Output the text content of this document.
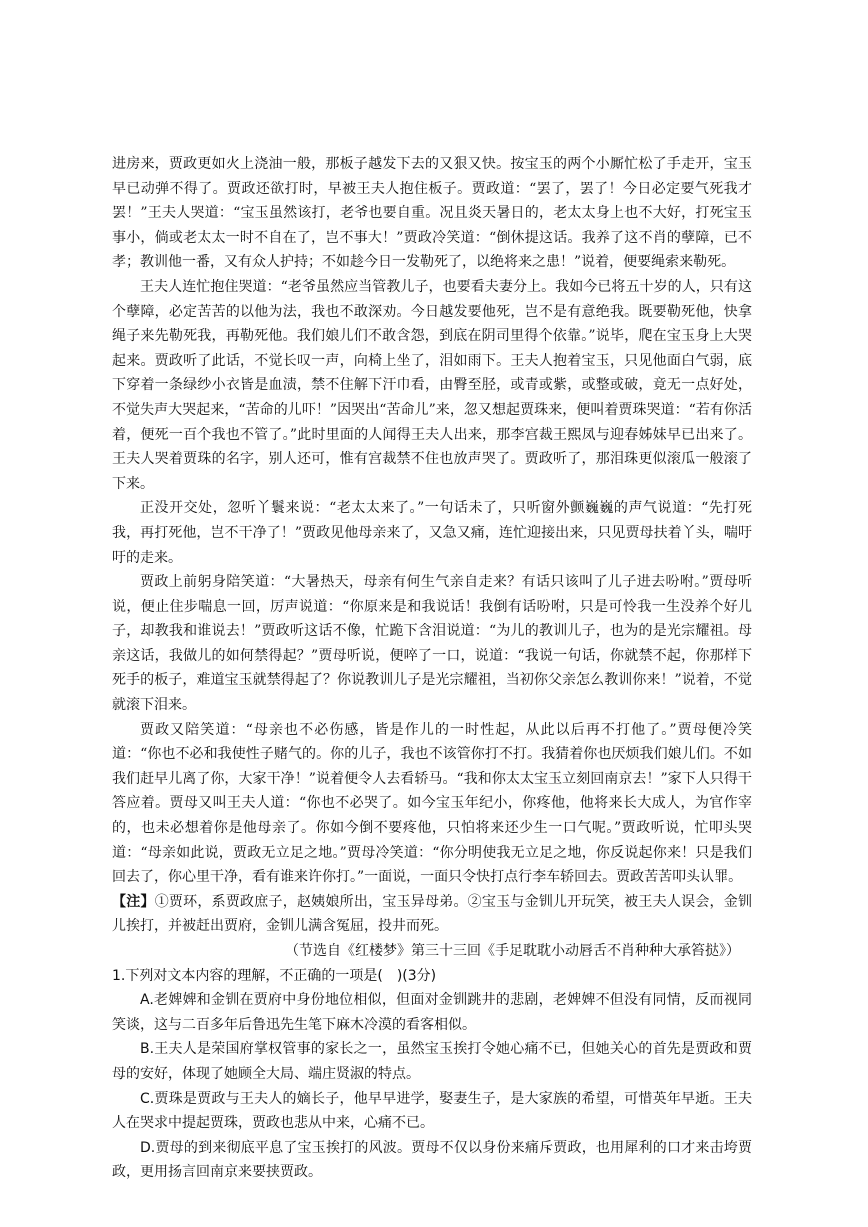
进房来，贾政更如火上浇油一般，那板子越发下去的又狠又快。按宝玉的两个小厮忙松了手走开，宝玉早已动弹不得了。贾政还欲打时，早被王夫人抱住板子。贾政道：“罢了，罢了！今日必定要气死我才罢！”王夫人哭道：“宝玉虽然该打，老爷也要自重。况且炎天暑日的，老太太身上也不大好，打死宝玉事小，倘或老太太一时不自在了，岂不事大！”贾政冷笑道：“倒休提这话。我养了这不肖的孽障，已不孝；教训他一番，又有众人护持；不如趁今日一发勒死了，以绝将来之患！”说着，便要绳索来勒死。

王夫人连忙抱住哭道：“老爷虽然应当管教儿子，也要看夫妻分上。我如今已将五十岁的人，只有这个孽障，必定苦苦的以他为法，我也不敢深劝。今日越发要他死，岂不是有意绝我。既要勒死他，快拿绳子来先勒死我，再勒死他。我们娘儿们不敢含怨，到底在阴司里得个依靠。”说毕，爬在宝玉身上大哭起来。贾政听了此话，不觉长叹一声，向椅上坐了，泪如雨下。王夫人抱着宝玉，只见他面白气弱，底下穿着一条绿纱小衣皆是血渍，禁不住解下汗巾看，由臀至胫，或青或紫，或整或破，竟无一点好处，不觉失声大哭起来，“苦命的儿吓！”因哭出“苦命儿”来，忽又想起贾珠来，便叫着贾珠哭道：“若有你活着，便死一百个我也不管了。”此时里面的人闻得王夫人出来，那李宫裁王熙凤与迎春姊妹早已出来了。王夫人哭着贾珠的名字，别人还可，惟有宫裁禁不住也放声哭了。贾政听了，那泪珠更似滚瓜一般滚了下来。

正没开交处，忽听丫鬟来说：“老太太来了。”一句话未了，只听窗外颤巍巍的声气说道：“先打死我，再打死他，岂不干净了！”贾政见他母亲来了，又急又痛，连忙迎接出来，只见贾母扶着丫头，喘吁吁的走来。

贾政上前躬身陪笑道：“大暑热天，母亲有何生气亲自走来？有话只该叫了儿子进去吩咐。”贾母听说，便止住步喘息一回，厉声说道：“你原来是和我说话！我倒有话吩咐，只是可怜我一生没养个好儿子，却教我和谁说去！”贾政听这话不像，忙跪下含泪说道：“为儿的教训儿子，也为的是光宗耀祖。母亲这话，我做儿的如何禁得起？”贾母听说，便啐了一口，说道：“我说一句话，你就禁不起，你那样下死手的板子，难道宝玉就禁得起了？你说教训儿子是光宗耀祖，当初你父亲怎么教训你来！”说着，不觉就滚下泪来。

贾政又陪笑道：“母亲也不必伤感，皆是作儿的一时性起，从此以后再不打他了。”贾母便冷笑道：“你也不必和我使性子赌气的。你的儿子，我也不该管你打不打。我猜着你也厌烦我们娘儿们。不如我们赶早儿离了你，大家干净！”说着便令人去看轿马。“我和你太太宝玉立刻回南京去！”家下人只得干答应着。贾母又叫王夫人道：“你也不必哭了。如今宝玉年纪小，你疼他，他将来长大成人，为官作宰的，也未必想着你是他母亲了。你如今倒不要疼他，只怕将来还少生一口气呢。”贾政听说，忙叩头哭道：“母亲如此说，贾政无立足之地。”贾母冷笑道：“你分明使我无立足之地，你反说起你来！只是我们回去了，你心里干净，看有谁来许你打。”一面说，一面只令快打点行李车轿回去。贾政苦苦叩头认罪。

【注】①贾环，系贾政庶子，赵姨娘所出，宝玉异母弟。②宝玉与金钏儿开玩笑，被王夫人误会，金钏儿挨打，并被赶出贾府，金钏儿满含冤屈，投井而死。

（节选自《红楼梦》第三十三回《手足耽耽小动唇舌不肖种种大承笞挞》）

1.下列对文本内容的理解，不正确的一项是(　)(3分)

A.老婢婢和金钏在贾府中身份地位相似，但面对金钏跳井的悲剧，老婢婢不但没有同情，反而视同笑谈，这与二百多年后鲁迅先生笔下麻木冷漠的看客相似。

B.王夫人是荣国府掌权管事的家长之一，虽然宝玉挨打令她心痛不已，但她关心的首先是贾政和贾母的安好，体现了她顾全大局、端庄贤淑的特点。

C.贾珠是贾政与王夫人的嫡长子，他早早进学，娶妻生子，是大家族的希望，可惜英年早逝。王夫人在哭求中提起贾珠，贾政也悲从中来，心痛不已。

D.贾母的到来彻底平息了宝玉挨打的风波。贾母不仅以身份来痛斥贾政，也用犀利的口才来击垮贾政，更用扬言回南京来要挟贾政。
